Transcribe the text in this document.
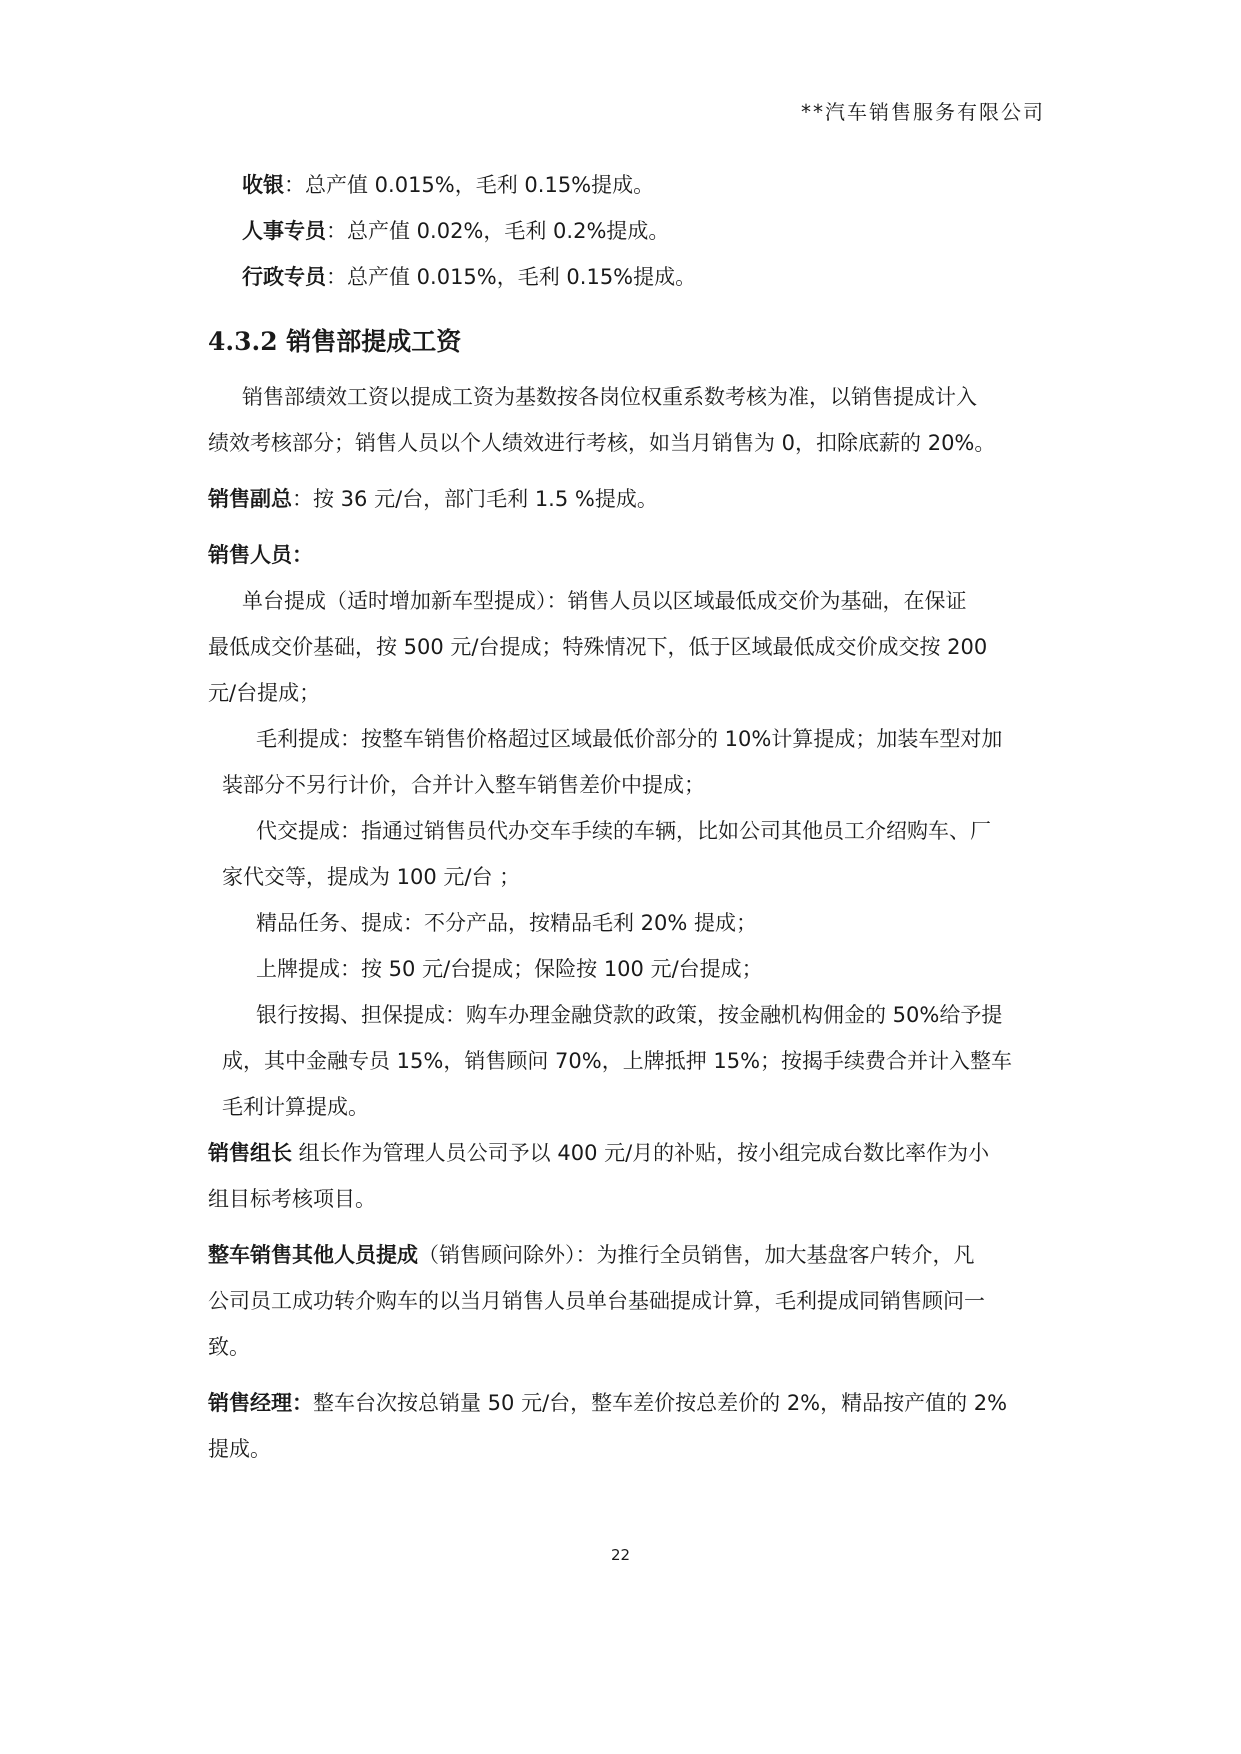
**汽车销售服务有限公司
收银：总产值 0.015%，毛利 0.15%提成。
人事专员：总产值 0.02%，毛利 0.2%提成。
行政专员：总产值 0.015%，毛利 0.15%提成。
4.3.2 销售部提成工资
销售部绩效工资以提成工资为基数按各岗位权重系数考核为准，以销售提成计入
绩效考核部分；销售人员以个人绩效进行考核，如当月销售为 0，扣除底薪的 20%。
销售副总：按 36 元/台，部门毛利 1.5 %提成。
销售人员：
单台提成（适时增加新车型提成）：销售人员以区域最低成交价为基础，在保证
最低成交价基础，按 500 元/台提成；特殊情况下，低于区域最低成交价成交按 200
元/台提成；
毛利提成：按整车销售价格超过区域最低价部分的 10%计算提成；加装车型对加
装部分不另行计价，合并计入整车销售差价中提成；
代交提成：指通过销售员代办交车手续的车辆，比如公司其他员工介绍购车、厂
家代交等，提成为 100 元/台 ；
精品任务、提成：不分产品，按精品毛利 20% 提成；
上牌提成：按 50 元/台提成；保险按 100 元/台提成；
银行按揭、担保提成：购车办理金融贷款的政策，按金融机构佣金的 50%给予提
成，其中金融专员 15%，销售顾问 70%，上牌抵押 15%；按揭手续费合并计入整车
毛利计算提成。
销售组长 组长作为管理人员公司予以 400 元/月的补贴，按小组完成台数比率作为小
组目标考核项目。
整车销售其他人员提成（销售顾问除外）：为推行全员销售，加大基盘客户转介，凡
公司员工成功转介购车的以当月销售人员单台基础提成计算，毛利提成同销售顾问一
致。
销售经理：整车台次按总销量 50 元/台，整车差价按总差价的 2%，精品按产值的 2%
提成。
22
